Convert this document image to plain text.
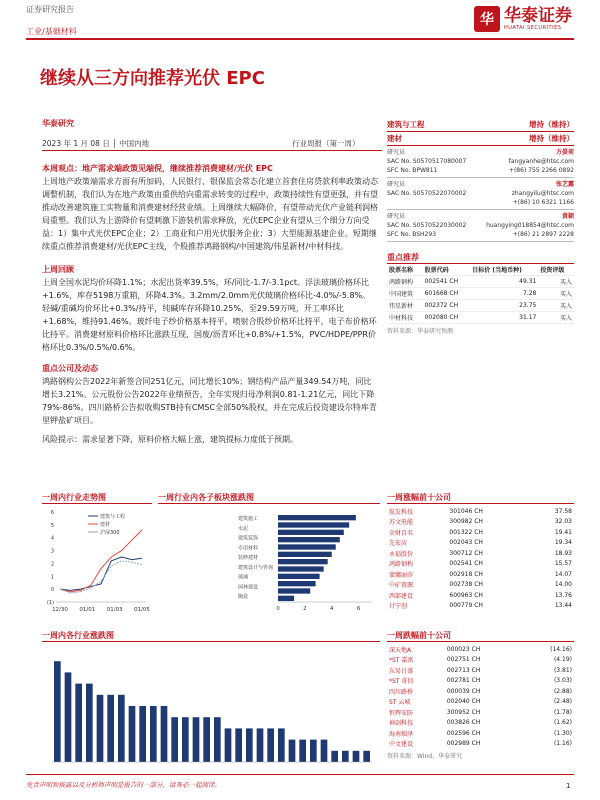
证券研究报告
华 华泰证券
HUATAI SECURITIES
工业/基础材料
继续从三方向推荐光伏 EPC
华泰研究
2023 年 1 月 08 日 │ 中国内地	行业周报（第一周）

本周观点：地产需求端政策见端倪，继续推荐消费建材/光伏 EPC

上周地产政策端需求方面有所加码，人民银行、银保监会常态化建立首套住房贷款利率政策动态调整机制，我们认为在地产政策由重供给向重需求转变的过程中，政策持续性有望更强，并有望推动改善建筑施工实物量和消费建材经营业绩。上周继续大幅降价，有望带动光伏产业链利润格局重塑。我们认为上游降价有望刺激下游装机需求释放，光伏EPC企业有望从三个细分方向受益：1）集中式光伏EPC企业；2）工商业和户用光伏服务企业；3）大型能源基建企业。短期继续重点推荐消费建材/光伏EPC主线，个股推荐鸿路钢构/中国建筑/伟星新材/中材科技。

上周回顾

上周全国水泥均价环降1.1%；水泥出货率39.5%，环/同比-1.7/-3.1pct。浮法玻璃价格环比+1.6%，库存5198万重箱，环降4.3%。3.2mm/2.0mm光伏玻璃价格环比-4.0%/-5.8%。轻碱/重碱均价环比+0.3%/持平，纯碱库存环降10.25%，至29.59万吨，开工率环比+1.68%，维持91.46%。玻纤电子纱价格基本持平，喷射合股纱价格环比持平，电子布价格环比持平。消费建材原料价格环比涨跌互现，国废/沥青环比+0.8%/+1.5%，PVC/HDPE/PPR价格环比0.3%/0.5%/0.6%。

重点公司及动态

鸿路钢构公告2022年新签合同251亿元，同比增长10%；钢结构产品产量349.54万吨，同比增长3.21%。公元股份公告2022年业绩预告，全年实现归母净利润0.81-1.21亿元，同比下降79%-86%。四川路桥公告拟收购STB持有CMSC全部50%股权，并在完成后投资建设尔特库青里钾盐矿项目。

风险提示：需求显著下降，原料价格大幅上涨，建筑提标力度低于预期。

建筑与工程	增持（维持）
建材	增持（维持）
研究员	方晏荷
SAC No. S0570517080007	fangyanhe@htsc.com
SFC No. BPW811	+(86) 755 2266 0892
研究员	张艺露
SAC No. S0570522070002	zhangyilu@htsc.com
+(86) 10 6321 1166
研究员	黄颖
SAC No. S0570522030002	huangying018854@htsc.com
SFC No. BSH293	+(86) 21 2897 2228
重点推荐
股票名称	股票代码	目标价 (当地币种)	投资评级
鸿路钢构	002541 CH	49.31	买入
中国建筑	601668 CH	7.28	买入
伟星新材	002372 CH	23.75	买入
中材科技	002080 CH	31.17	买入
资料来源：华泰研究预测
一周内行业走势图
6
5
4
3
2
1
0
(1)
12/30 01/01 01/03 01/05
建筑与工程
建材
沪深300
一周行业内各子板块涨跌图
建筑施工
水泥
建筑装饰
专用材料
装修建材
建筑设计与咨询
玻璃
园林建设
陶瓷
0	2	4	6
一周涨幅前十公司
航发科技	301046 CH	37.58
苏文电能	300982 CH	32.03
金财百名	001322 CH	19.41
先宏店	002043 CH	19.34
永福股份	300712 CH	18.93
鸿路钢构	002541 CH	15.57
蒙娜丽莎	002918 CH	14.07
中矿资源	002738 CH	14.00
西部建设	600963 CH	13.76
甘宁创	000779 CH	13.44
一周内各行业涨跌图	一周跌幅前十公司
深天地A	000023 CH	(14.16)
*ST 嘉寓	002751 CH	(4.19)
东易日盛	002713 CH	(3.81)
*ST 奇信	002781 CH	(3.03)
四川路桥	000039 CH	(2.88)
ST 云城	002040 CH	(2.48)
恒辉安防	300952 CH	(1.78)
神剑科技	003826 CH	(1.62)
海南瑞泽	002596 CH	(1.30)
中文建设	002989 CH	(1.16)
资料来源：Wind，华泰研究
免责声明和披露以及分析师声明是报告的一部分，请务必一起阅读。	1
